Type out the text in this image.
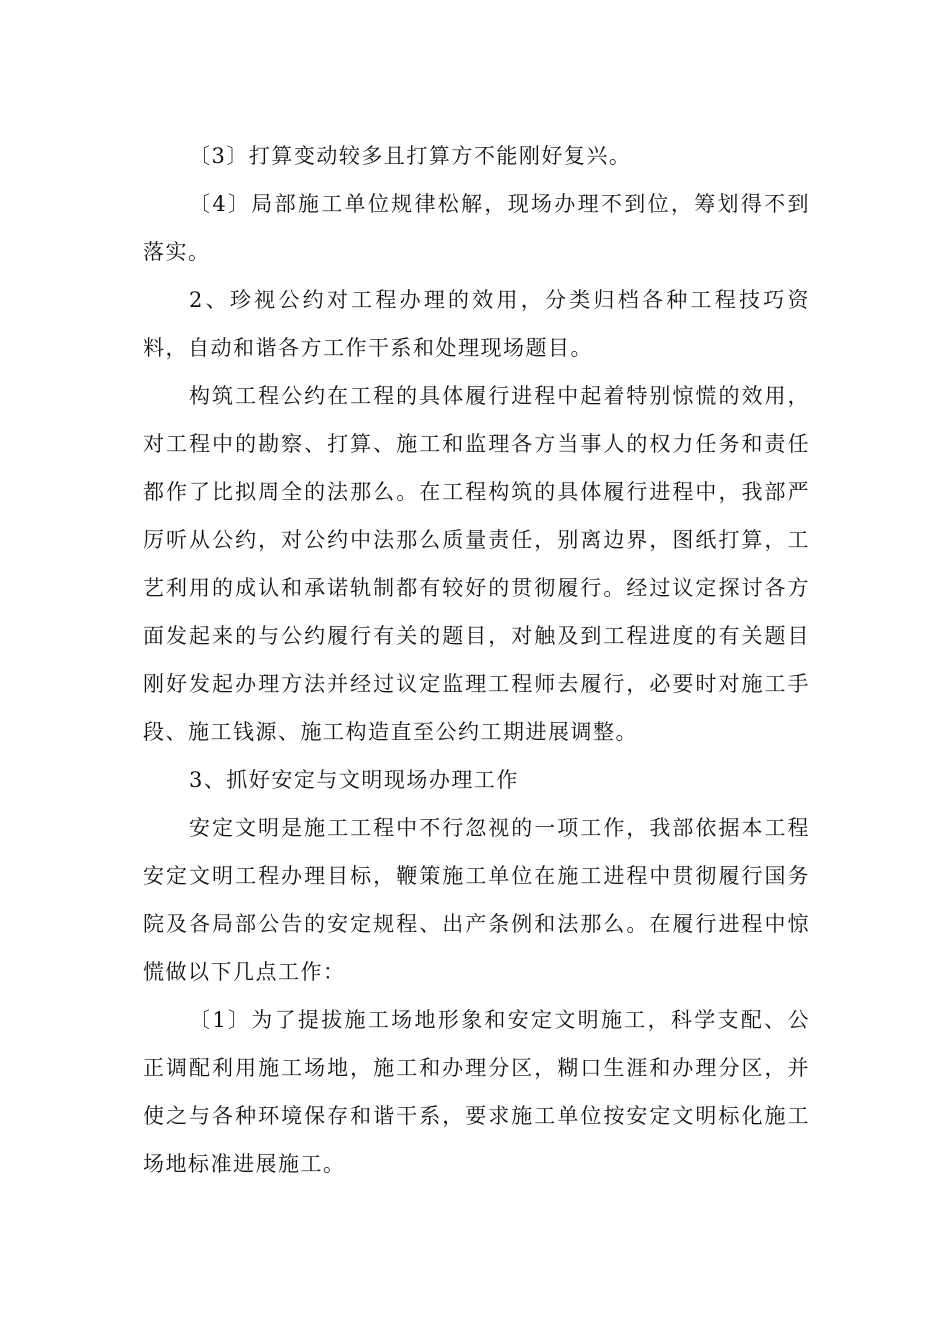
〔3〕打算变动较多且打算方不能刚好复兴。

〔4〕局部施工单位规律松解，现场办理不到位，筹划得不到落实。

2、珍视公约对工程办理的效用，分类归档各种工程技巧资料，自动和谐各方工作干系和处理现场题目。

构筑工程公约在工程的具体履行进程中起着特别惊慌的效用，对工程中的勘察、打算、施工和监理各方当事人的权力任务和责任都作了比拟周全的法那么。在工程构筑的具体履行进程中，我部严厉听从公约，对公约中法那么质量责任，别离边界，图纸打算，工艺利用的成认和承诺轨制都有较好的贯彻履行。经过议定探讨各方面发起来的与公约履行有关的题目，对触及到工程进度的有关题目刚好发起办理方法并经过议定监理工程师去履行，必要时对施工手段、施工钱源、施工构造直至公约工期进展调整。

3、抓好安定与文明现场办理工作

安定文明是施工工程中不行忽视的一项工作，我部依据本工程安定文明工程办理目标，鞭策施工单位在施工进程中贯彻履行国务院及各局部公告的安定规程、出产条例和法那么。在履行进程中惊慌做以下几点工作：

〔1〕为了提拔施工场地形象和安定文明施工，科学支配、公正调配利用施工场地，施工和办理分区，糊口生涯和办理分区，并使之与各种环境保存和谐干系，要求施工单位按安定文明标化施工场地标准进展施工。
